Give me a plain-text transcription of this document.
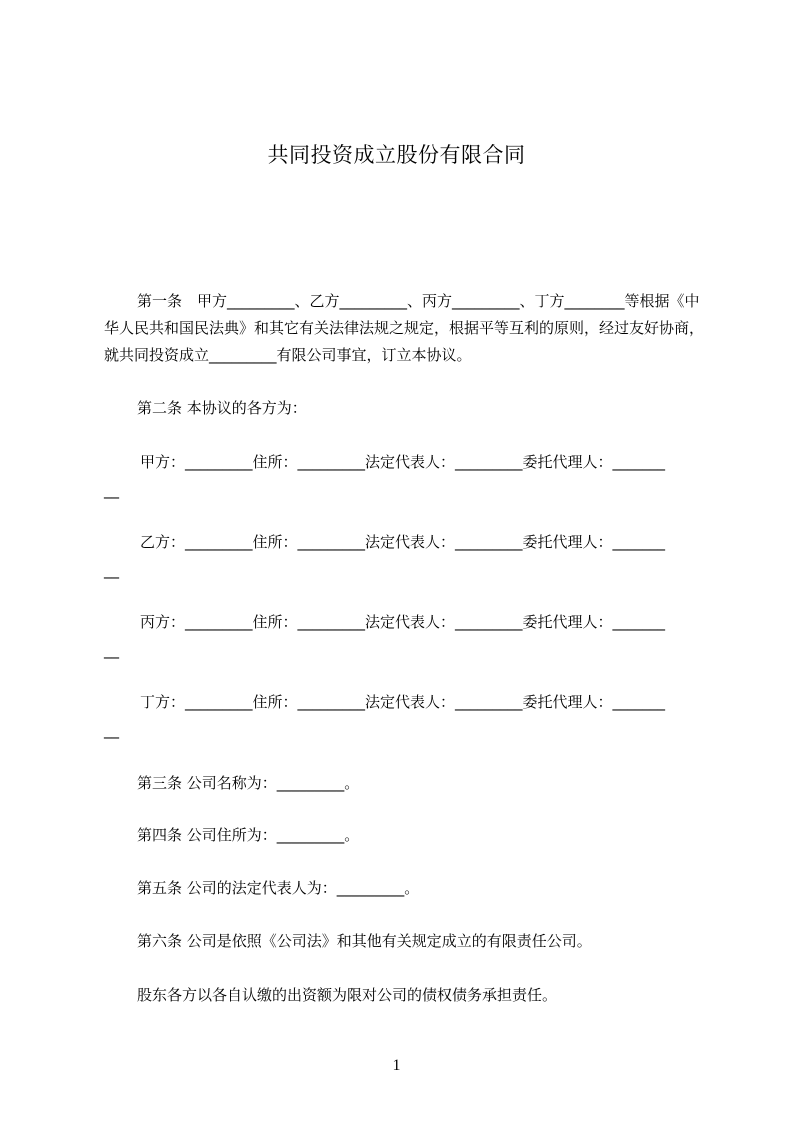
共同投资成立股份有限合同

第一条　甲方_________、乙方_________、丙方_________、丁方________等根据《中华人民共和国民法典》和其它有关法律法规之规定，根据平等互利的原则，经过友好协商，就共同投资成立_________有限公司事宜，订立本协议。

第二条 本协议的各方为：

甲方：_________住所：_________法定代表人：_________委托代理人：_______

__

乙方：_________住所：_________法定代表人：_________委托代理人：_______

__

丙方：_________住所：_________法定代表人：_________委托代理人：_______

__

丁方：_________住所：_________法定代表人：_________委托代理人：_______

__

第三条 公司名称为：_________。

第四条 公司住所为：_________。

第五条 公司的法定代表人为：_________。

第六条 公司是依照《公司法》和其他有关规定成立的有限责任公司。

股东各方以各自认缴的出资额为限对公司的债权债务承担责任。

1
